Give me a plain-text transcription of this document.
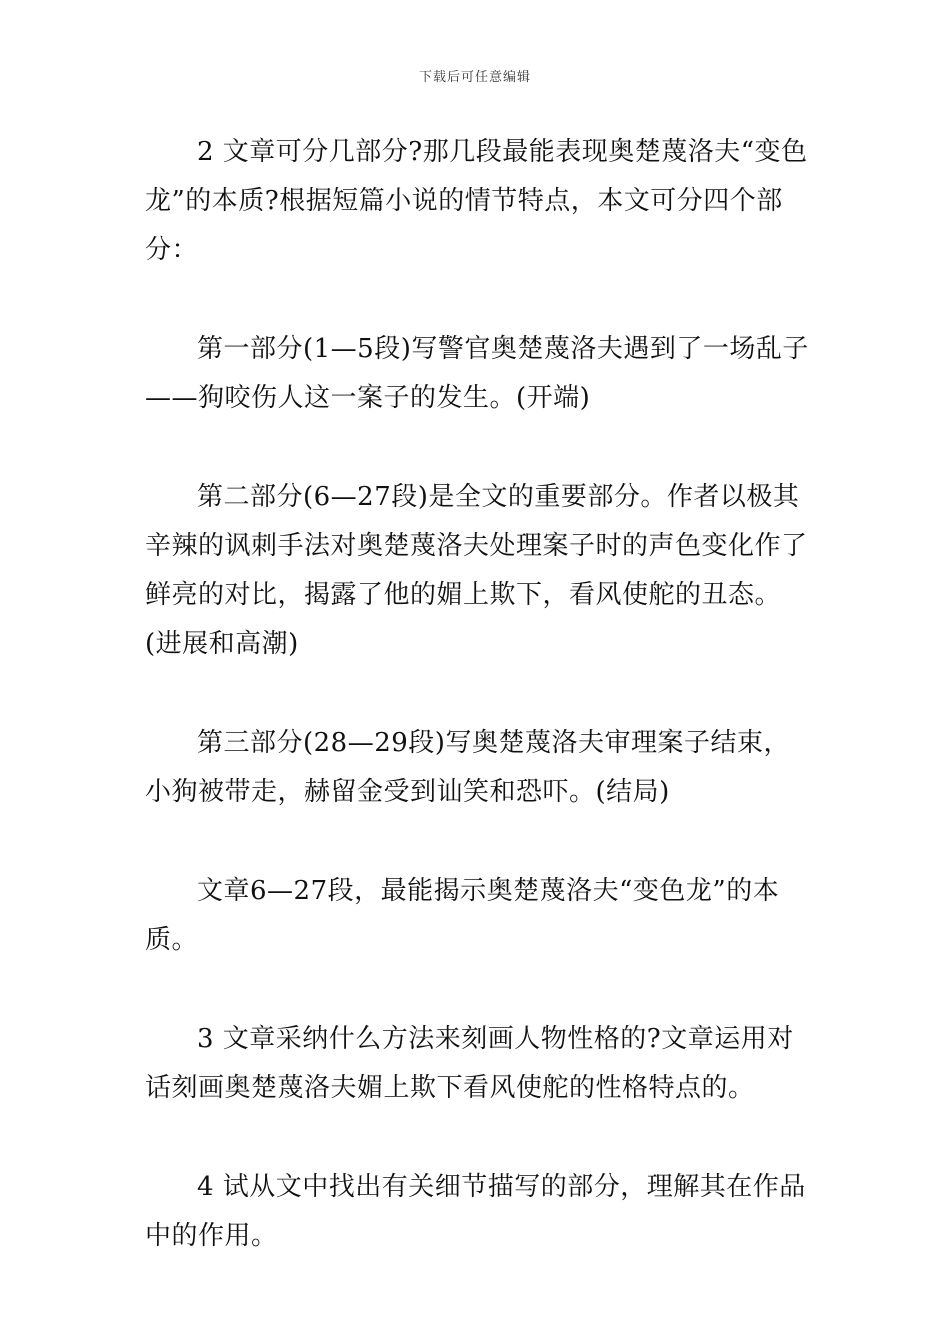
下载后可任意编辑

2 文章可分几部分?那几段最能表现奥楚蔑洛夫“变色龙”的本质?根据短篇小说的情节特点，本文可分四个部分：

第一部分(1—5段)写警官奥楚蔑洛夫遇到了一场乱子——狗咬伤人这一案子的发生。(开端)

第二部分(6—27段)是全文的重要部分。作者以极其辛辣的讽刺手法对奥楚蔑洛夫处理案子时的声色变化作了鲜亮的对比，揭露了他的媚上欺下，看风使舵的丑态。(进展和高潮)

第三部分(28—29段)写奥楚蔑洛夫审理案子结束，小狗被带走，赫留金受到讪笑和恐吓。(结局)

文章6—27段，最能揭示奥楚蔑洛夫“变色龙”的本质。

3 文章采纳什么方法来刻画人物性格的?文章运用对话刻画奥楚蔑洛夫媚上欺下看风使舵的性格特点的。

4 试从文中找出有关细节描写的部分，理解其在作品中的作用。
